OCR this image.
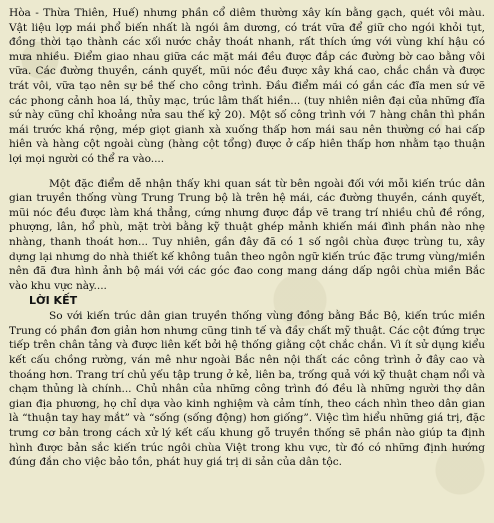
Hòa - Thừa Thiên, Huế) nhưng phần cổ diêm thường xây kín bằng gạch, quét vôi màu. Vật liệu lợp mái phổ biến nhất là ngói âm dương, có trát vữa để giữ cho ngói khỏi tụt, đồng thời tạo thành các xối nước chảy thoát nhanh, rất thích ứng với vùng khí hậu có mưa nhiều. Điểm giao nhau giữa các mặt mái đều được đắp các đường bờ cao bằng vôi vữa. Các đường thuyền, cánh quyết, mũi nóc đều được xây khá cao, chắc chắn và được trát vôi, vữa tạo nên sự bề thế cho công trình. Đầu điểm mái có gắn các đĩa men sứ vẽ các phong cảnh hoa lá, thủy mạc, trúc lâm thất hiền... (tuy nhiên niên đại của những đĩa sứ này cũng chỉ khoảng nửa sau thế kỷ 20). Một số công trình với 7 hàng chân thì phần mái trước khá rộng, mép giọt gianh xà xuống thấp hơn mái sau nên thường có hai cấp hiên và hàng cột ngoài cùng (hàng cột tổng) được ở cấp hiên thấp hơn nhằm tạo thuận lợi mọi người có thể ra vào....

Một đặc điểm dễ nhận thấy khi quan sát từ bên ngoài đối với mỗi kiến trúc dân gian truyền thống vùng Trung Trung bộ là trên hệ mái, các đường thuyền, cánh quyết, mũi nóc đều được làm khá thẳng, cứng nhưng được đắp vẽ trang trí nhiều chủ đề rồng, phượng, lân, hổ phù, mặt trời bằng kỹ thuật ghép mảnh khiến mái đình phần nào nhẹ nhàng, thanh thoát hơn... Tuy nhiên, gần đây đã có 1 số ngôi chùa được trùng tu, xây dựng lại nhưng do nhà thiết kế không tuân theo ngôn ngữ kiến trúc đặc trưng vùng/miền nên đã đưa hình ảnh bộ mái với các góc đao cong mang dáng dấp ngôi chùa miền Bắc vào khu vực này....

LỜI KẾT

So với kiến trúc dân gian truyền thống vùng đồng bằng Bắc Bộ, kiến trúc miền Trung có phần đơn giản hơn nhưng cũng tinh tế và đầy chất mỹ thuật. Các cột đứng trực tiếp trên chân tảng và được liên kết bởi hệ thống giằng cột chắc chắn. Vì ít sử dụng kiểu kết cấu chồng rường, ván mê như ngoài Bắc nên nội thất các công trình ở đây cao và thoáng hơn. Trang trí chủ yếu tập trung ở kẻ, liên ba, trống quả với kỹ thuật chạm nổi và chạm thủng là chính... Chủ nhân của những công trình đó đều là những người thợ dân gian địa phương, họ chỉ dựa vào kinh nghiệm và cảm tính, theo cách nhìn theo dân gian là “thuận tay hay mắt” và “sống (sống động) hơn giống”. Việc tìm hiểu những giá trị, đặc trưng cơ bản trong cách xử lý kết cấu khung gỗ truyền thống sẽ phần nào giúp ta định hình được bản sắc kiến trúc ngôi chùa Việt trong khu vực, từ đó có những định hướng đúng đắn cho việc bảo tồn, phát huy giá trị di sản của dân tộc.
